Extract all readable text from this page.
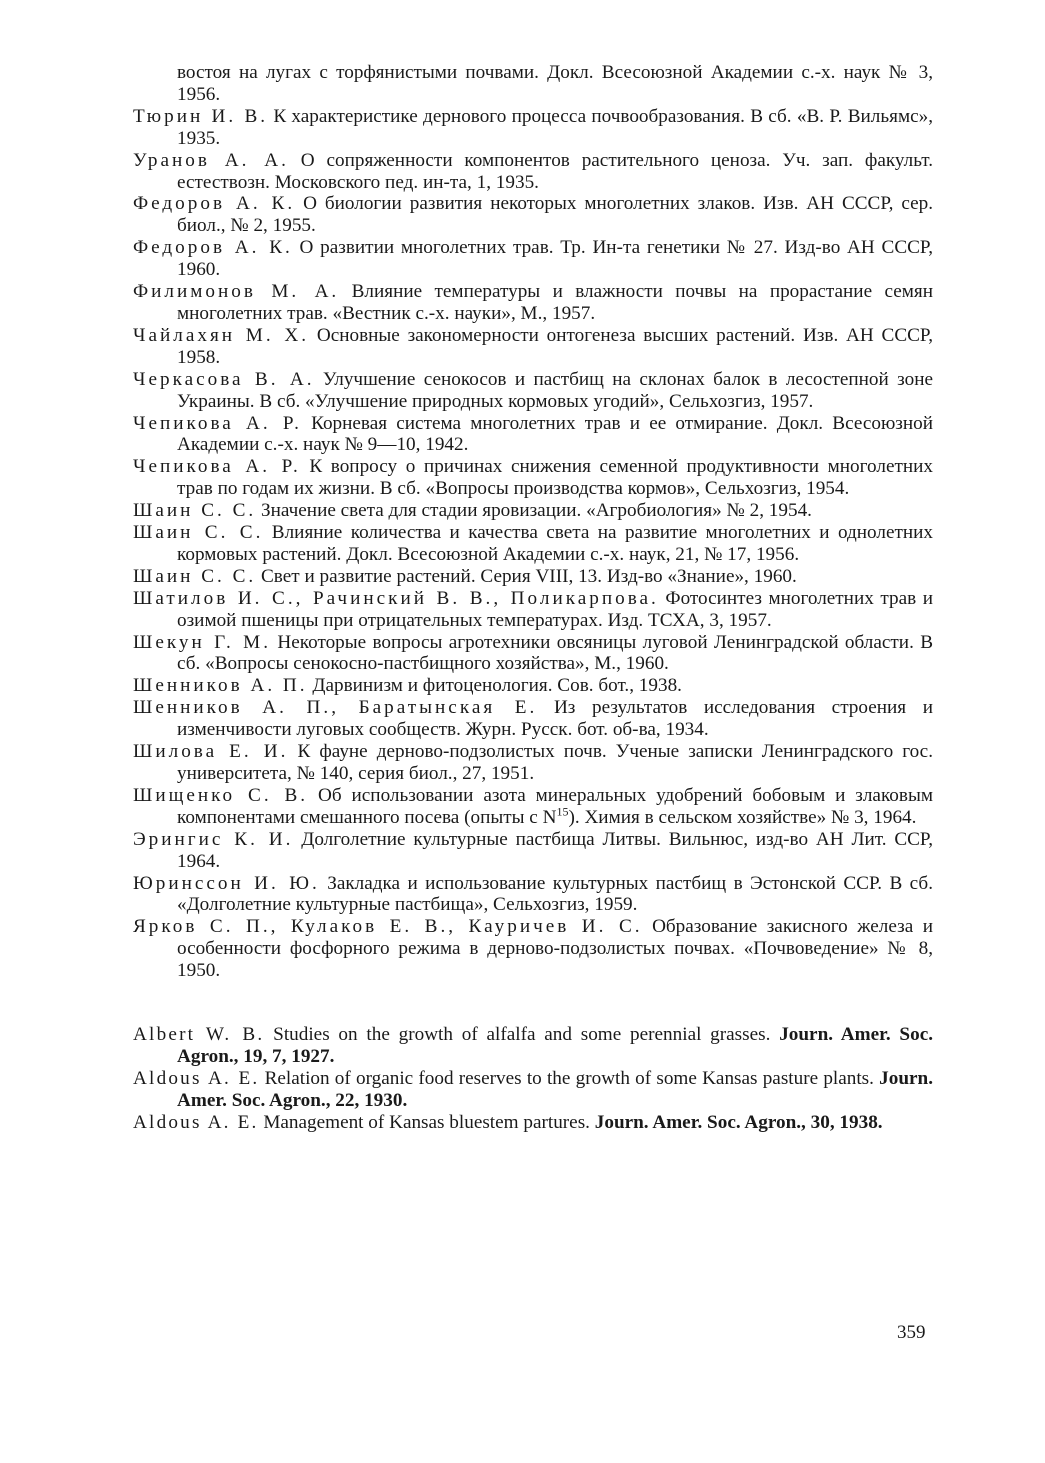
востоя на лугах с торфянистыми почвами. Докл. Всесоюзной Академии с.-х. наук № 3, 1956.

Тюрин И. В. К характеристике дернового процесса почвообразования. В сб. «В. Р. Вильямс», 1935.

Уранов А. А. О сопряженности компонентов растительного ценоза. Уч. зап. факульт. естествозн. Московского пед. ин-та, 1, 1935.

Федоров А. К. О биологии развития некоторых многолетних злаков. Изв. АН СССР, сер. биол., № 2, 1955.

Федоров А. К. О развитии многолетних трав. Тр. Ин-та генетики № 27. Изд-во АН СССР, 1960.

Филимонов М. А. Влияние температуры и влажности почвы на прорастание семян многолетних трав. «Вестник с.-х. науки», М., 1957.

Чайлахян М. Х. Основные закономерности онтогенеза высших растений. Изв. АН СССР, 1958.

Черкасова В. А. Улучшение сенокосов и пастбищ на склонах балок в лесостепной зоне Украины. В сб. «Улучшение природных кормовых угодий», Сельхозгиз, 1957.

Чепикова А. Р. Корневая система многолетних трав и ее отмирание. Докл. Всесоюзной Академии с.-х. наук № 9—10, 1942.

Чепикова А. Р. К вопросу о причинах снижения семенной продуктивности многолетних трав по годам их жизни. В сб. «Вопросы производства кормов», Сельхозгиз, 1954.

Шаин С. С. Значение света для стадии яровизации. «Агробиология» № 2, 1954.

Шаин С. С. Влияние количества и качества света на развитие многолетних и однолетних кормовых растений. Докл. Всесоюзной Академии с.-х. наук, 21, № 17, 1956.

Шаин С. С. Свет и развитие растений. Серия VIII, 13. Изд-во «Знание», 1960.

Шатилов И. С., Рачинский В. В., Поликарпова. Фотосинтез многолетних трав и озимой пшеницы при отрицательных температурах. Изд. ТСХА, 3, 1957.

Шекун Г. М. Некоторые вопросы агротехники овсяницы луговой Ленинградской области. В сб. «Вопросы сенокосно-пастбищного хозяйства», М., 1960.

Шенников А. П. Дарвинизм и фитоценология. Сов. бот., 1938.

Шенников А. П., Баратынская Е. Из результатов исследования строения и изменчивости луговых сообществ. Журн. Русск. бот. об-ва, 1934.

Шилова Е. И. К фауне дерново-подзолистых почв. Ученые записки Ленинградского гос. университета, № 140, серия биол., 27, 1951.

Шищенко С. В. Об использовании азота минеральных удобрений бобовым и злаковым компонентами смешанного посева (опыты с $N^{15}$). Химия в сельском хозяйстве» № 3, 1964.

Эрингис К. И. Долголетние культурные пастбища Литвы. Вильнюс, изд-во АН Лит. ССР, 1964.

Юринссон И. Ю. Закладка и использование культурных пастбищ в Эстонской ССР. В сб. «Долголетние культурные пастбища», Сельхозгиз, 1959.

Ярков С. П., Кулаков Е. В., Кауричев И. С. Образование закисного железа и особенности фосфорного режима в дерново-подзолистых почвах. «Почвоведение» № 8, 1950.

Albert W. B. Studies on the growth of alfalfa and some perennial grasses. Journ. Amer. Soc. Agron., 19, 7, 1927.

Aldous A. E. Relation of organic food reserves to the growth of some Kansas pasture plants. Journ. Amer. Soc. Agron., 22, 1930.

Aldous A. E. Management of Kansas bluestem partures. Journ. Amer. Soc. Agron., 30, 1938.

359
